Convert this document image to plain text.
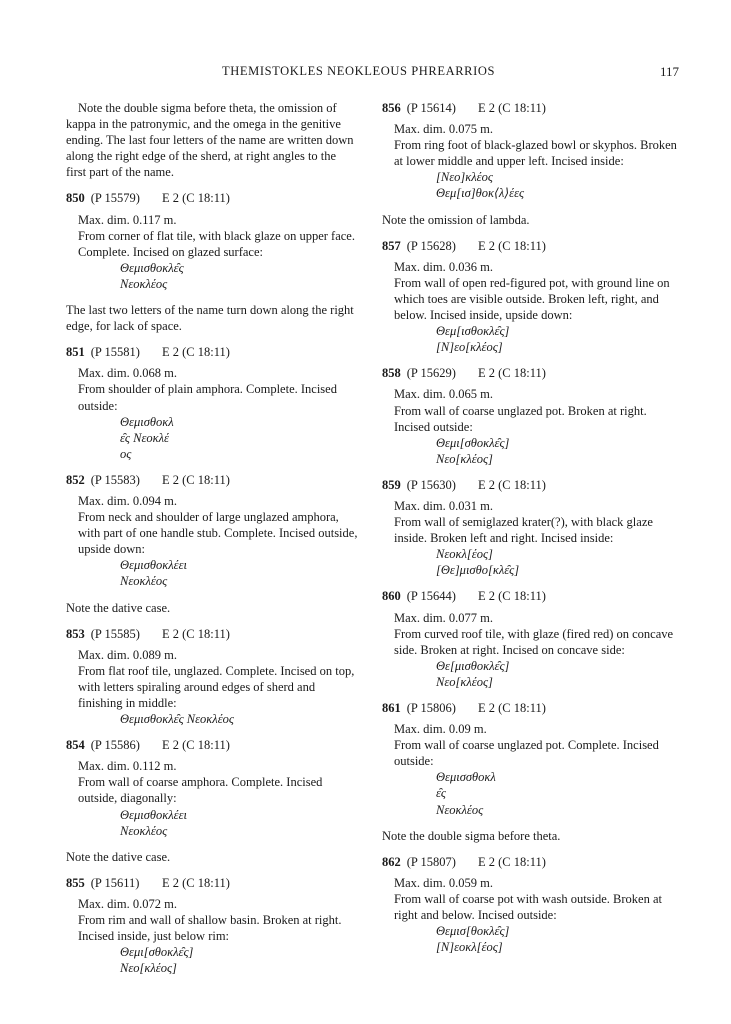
THEMISTOKLES NEOKLEOUS PHREARRIOS	117

Note the double sigma before theta, the omission of kappa in the patronymic, and the omega in the genitive ending. The last four letters of the name are written down along the right edge of the sherd, at right angles to the first part of the name.

850 (P 15579) E 2 (C 18:11)
Max. dim. 0.117 m.
From corner of flat tile, with black glaze on upper face. Complete. Incised on glazed surface:
Θεμισθοκλε̑ς
Νεοκλέος

The last two letters of the name turn down along the right edge, for lack of space.

851 (P 15581) E 2 (C 18:11)
Max. dim. 0.068 m.
From shoulder of plain amphora. Complete. Incised outside:
Θεμισθοκλ
ε̑ς Νεοκλέ
ος
852 (P 15583) E 2 (C 18:11)
Max. dim. 0.094 m.
From neck and shoulder of large unglazed amphora, with part of one handle stub. Complete. Incised outside, upside down:
Θεμισθοκλέει
Νεοκλέος

Note the dative case.

853 (P 15585) E 2 (C 18:11)
Max. dim. 0.089 m.
From flat roof tile, unglazed. Complete. Incised on top, with letters spiraling around edges of sherd and finishing in middle:
Θεμισθοκλε̑ς Νεοκλέος
854 (P 15586) E 2 (C 18:11)
Max. dim. 0.112 m.
From wall of coarse amphora. Complete. Incised outside, diagonally:
Θεμισθοκλέει
Νεοκλέος

Note the dative case.

855 (P 15611) E 2 (C 18:11)
Max. dim. 0.072 m.
From rim and wall of shallow basin. Broken at right. Incised inside, just below rim:
Θεμι[σθοκλε̑ς]
Νεο[κλέος]
856 (P 15614) E 2 (C 18:11)
Max. dim. 0.075 m.
From ring foot of black-glazed bowl or skyphos. Broken at lower middle and upper left. Incised inside:
[Νεο]κλέος
Θεμ[ισ]θοκ⟨λ⟩έες

Note the omission of lambda.

857 (P 15628) E 2 (C 18:11)
Max. dim. 0.036 m.
From wall of open red-figured pot, with ground line on which toes are visible outside. Broken left, right, and below. Incised inside, upside down:
Θεμ[ισθοκλε̑ς]
[Ν]εο[κλέος]
858 (P 15629) E 2 (C 18:11)
Max. dim. 0.065 m.
From wall of coarse unglazed pot. Broken at right. Incised outside:
Θεμι[σθοκλε̑ς]
Νεο[κλέος]
859 (P 15630) E 2 (C 18:11)
Max. dim. 0.031 m.
From wall of semiglazed krater(?), with black glaze inside. Broken left and right. Incised inside:
Νεοκλ[έος]
[Θε]μισθο[κλε̑ς]
860 (P 15644) E 2 (C 18:11)
Max. dim. 0.077 m.
From curved roof tile, with glaze (fired red) on concave side. Broken at right. Incised on concave side:
Θε[μισθοκλε̑ς]
Νεο[κλέος]
861 (P 15806) E 2 (C 18:11)
Max. dim. 0.09 m.
From wall of coarse unglazed pot. Complete. Incised outside:
Θεμισσθοκλ
ε̑ς
Νεοκλέος

Note the double sigma before theta.

862 (P 15807) E 2 (C 18:11)
Max. dim. 0.059 m.
From wall of coarse pot with wash outside. Broken at right and below. Incised outside:
Θεμισ[θοκλε̑ς]
[Ν]εοκλ[έος]
